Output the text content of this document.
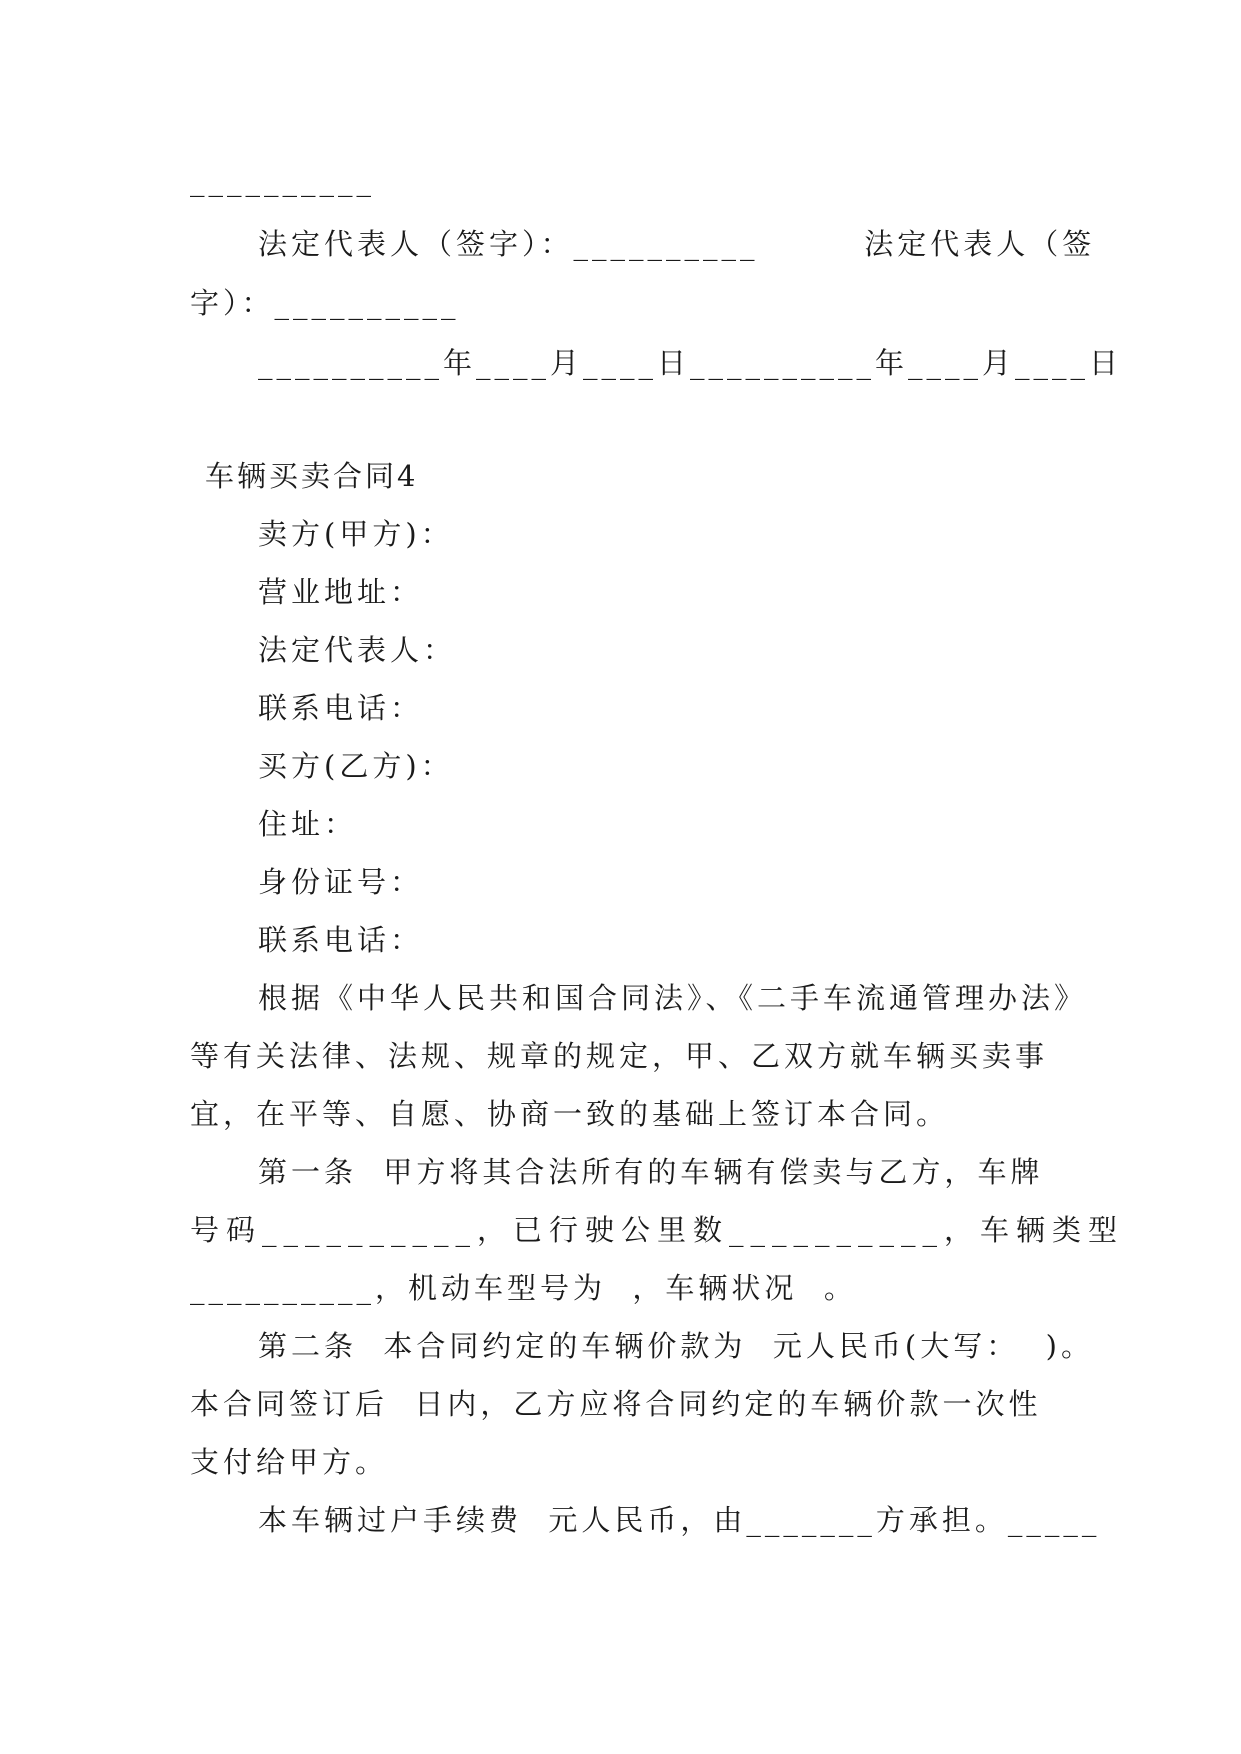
__________
法定代表人（签字）：__________        法定代表人（签
字）：__________
__________年____月____日__________年____月____日
车辆买卖合同4
卖方(甲方)：
营业地址：
法定代表人：
联系电话：
买方(乙方)：
住址：
身份证号：
联系电话：
根据《中华人民共和国合同法》、《二手车流通管理办法》
等有关法律、法规、规章的规定，甲、乙双方就车辆买卖事
宜，在平等、自愿、协商一致的基础上签订本合同。
第一条  甲方将其合法所有的车辆有偿卖与乙方，车牌
号码__________，已行驶公里数__________，车辆类型
__________，机动车型号为  ，车辆状况  。
第二条  本合同约定的车辆价款为  元人民币(大写：  )。
本合同签订后  日内，乙方应将合同约定的车辆价款一次性
支付给甲方。
本车辆过户手续费  元人民币，由_______方承担。_____
